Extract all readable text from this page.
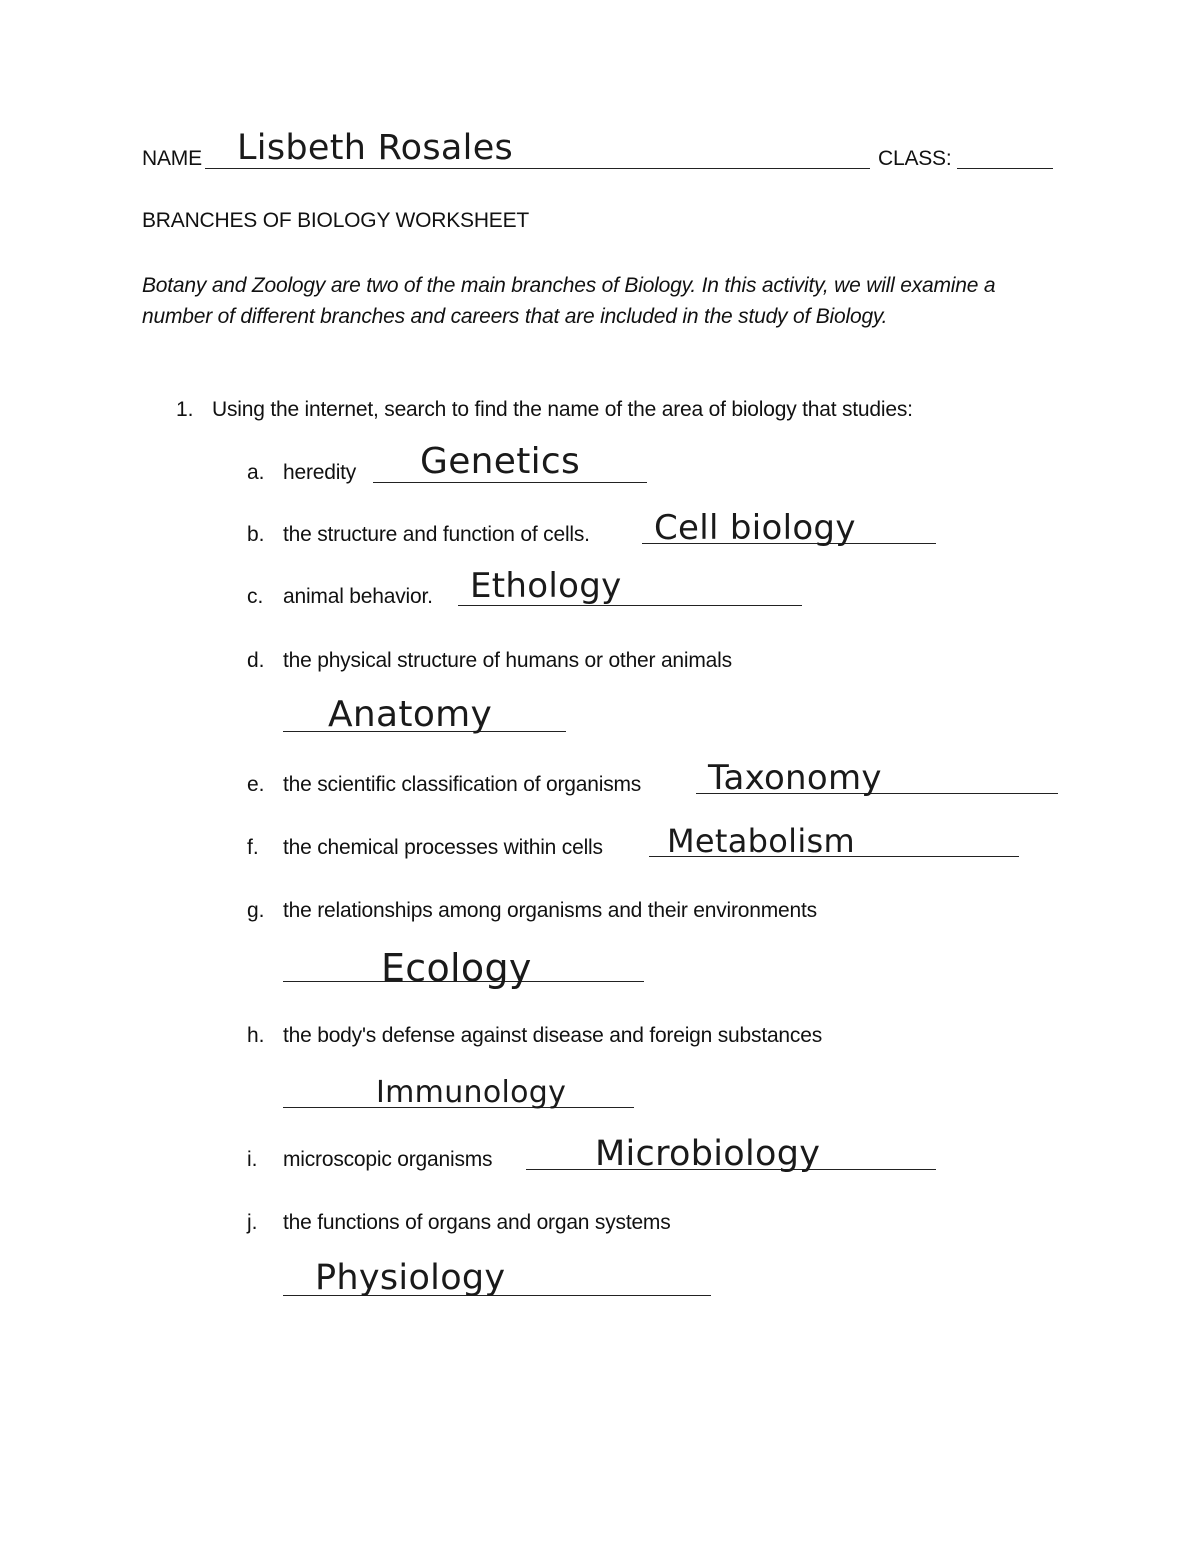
NAME Lisbeth Rosales	CLASS:
BRANCHES OF BIOLOGY WORKSHEET
Botany and Zoology are two of the main branches of Biology. In this activity, we will examine a number of different branches and careers that are included in the study of Biology.
1. Using the internet, search to find the name of the area of biology that studies:
a. heredity Genetics
b. the structure and function of cells. Cell biology
c. animal behavior. Ethology
d. the physical structure of humans or other animals
Anatomy
e. the scientific classification of organisms Taxonomy
f. the chemical processes within cells Metabolism
g. the relationships among organisms and their environments
Ecology
h. the body's defense against disease and foreign substances
Immunology
i. microscopic organisms	Microbiology
j. the functions of organs and organ systems
Physiology
